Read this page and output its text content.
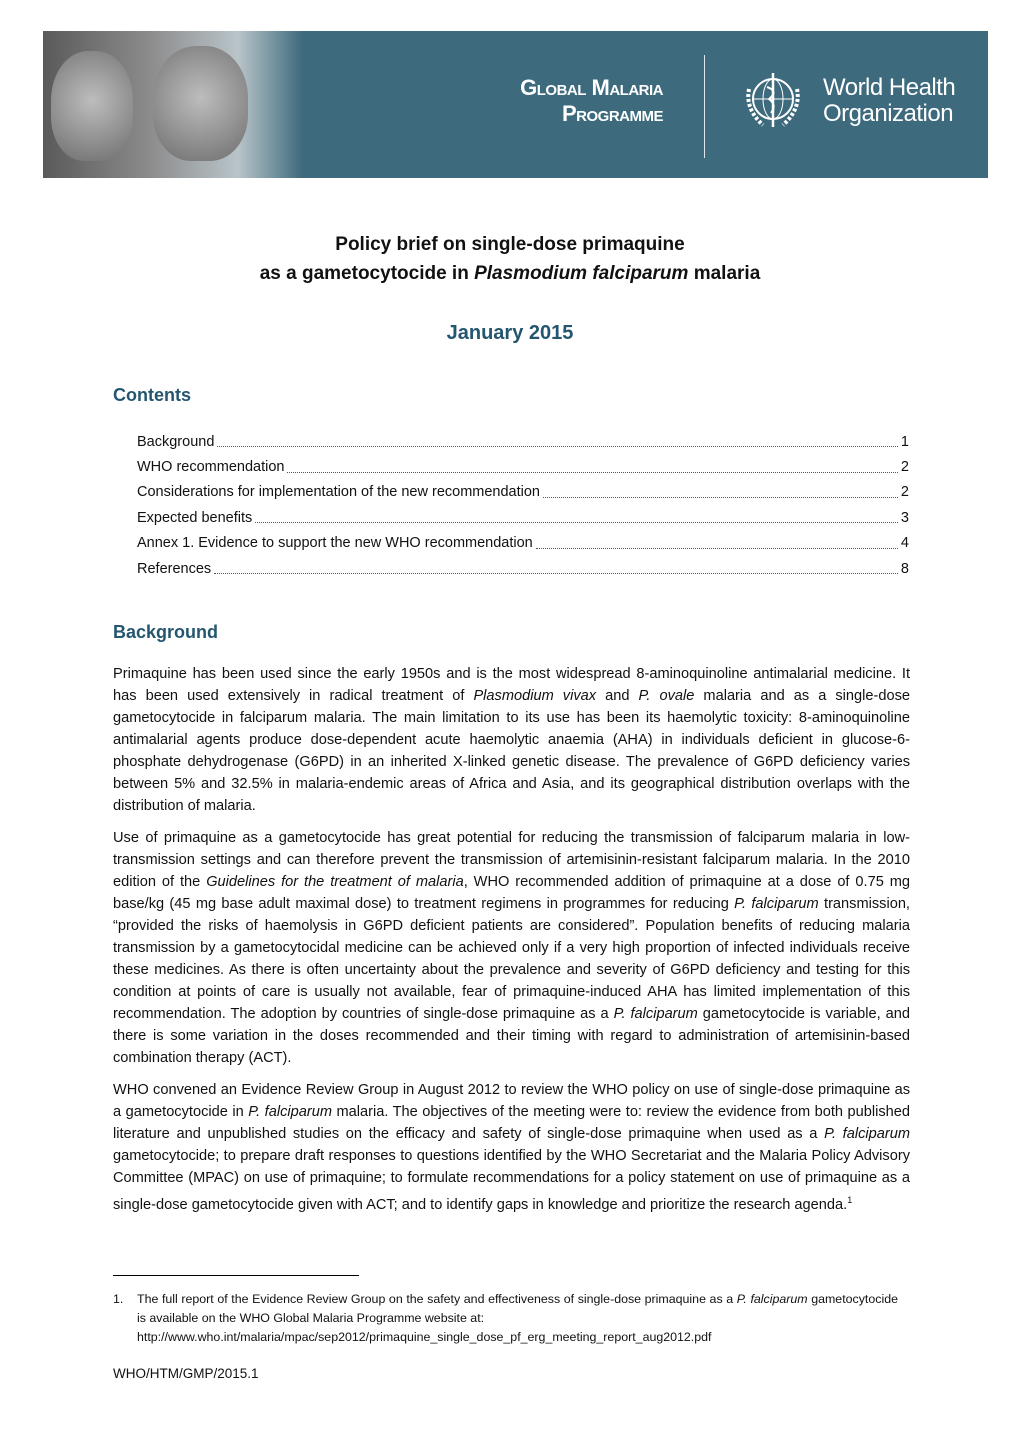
Global Malaria
Programme
World Health
Organization
Policy brief on single-dose primaquine
as a gametocytocide in Plasmodium falciparum malaria
January 2015
Contents
Background	1
WHO recommendation	2
Considerations for implementation of the new recommendation	2
Expected benefits	3
Annex 1. Evidence to support the new WHO recommendation	4
References	8
Background

Primaquine has been used since the early 1950s and is the most widespread 8-aminoquinoline antimalarial medicine. It has been used extensively in radical treatment of Plasmodium vivax and P. ovale malaria and as a single-dose gametocytocide in falciparum malaria. The main limitation to its use has been its haemolytic toxicity: 8-aminoquinoline antimalarial agents produce dose-dependent acute haemolytic anaemia (AHA) in individuals deficient in glucose-6-phosphate dehydrogenase (G6PD) in an inherited X-linked genetic disease. The prevalence of G6PD deficiency varies between 5% and 32.5% in malaria-endemic areas of Africa and Asia, and its geographical distribution overlaps with the distribution of malaria.

Use of primaquine as a gametocytocide has great potential for reducing the transmission of falciparum malaria in low-transmission settings and can therefore prevent the transmission of artemisinin-resistant falciparum malaria. In the 2010 edition of the Guidelines for the treatment of malaria, WHO recommended addition of primaquine at a dose of 0.75 mg base/kg (45 mg base adult maximal dose) to treatment regimens in programmes for reducing P. falciparum transmission, “provided the risks of haemolysis in G6PD deficient patients are considered”. Population benefits of reducing malaria transmission by a gametocytocidal medicine can be achieved only if a very high proportion of infected individuals receive these medicines. As there is often uncertainty about the prevalence and severity of G6PD deficiency and testing for this condition at points of care is usually not available, fear of primaquine-induced AHA has limited implementation of this recommendation. The adoption by countries of single-dose primaquine as a P. falciparum gametocytocide is variable, and there is some variation in the doses recommended and their timing with regard to administration of artemisinin-based combination therapy (ACT).

WHO convened an Evidence Review Group in August 2012 to review the WHO policy on use of single-dose primaquine as a gametocytocide in P. falciparum malaria. The objectives of the meeting were to: review the evidence from both published literature and unpublished studies on the efficacy and safety of single-dose primaquine when used as a P. falciparum gametocytocide; to prepare draft responses to questions identified by the WHO Secretariat and the Malaria Policy Advisory Committee (MPAC) on use of primaquine; to formulate recommendations for a policy statement on use of primaquine as a single-dose gametocytocide given with ACT; and to identify gaps in knowledge and prioritize the research agenda.$^1$

1. The full report of the Evidence Review Group on the safety and effectiveness of single-dose primaquine as a P. falciparum gametocytocide is available on the WHO Global Malaria Programme website at:
http://www.who.int/malaria/mpac/sep2012/primaquine_single_dose_pf_erg_meeting_report_aug2012.pdf
WHO/HTM/GMP/2015.1
